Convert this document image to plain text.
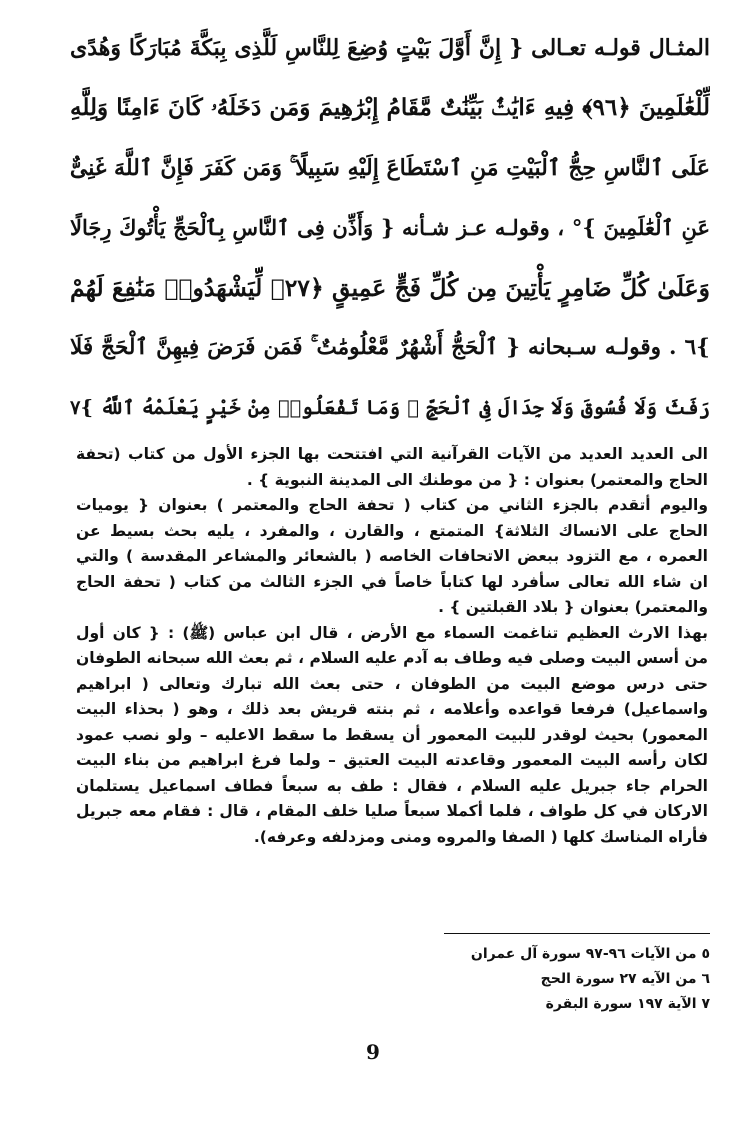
المثـال قولـه تعـالى { إِنَّ أَوَّلَ بَيْتٍ وُضِعَ لِلنَّاسِ لَلَّذِى بِبَكَّةَ مُبَارَكًا وَهُدًى
لِّلْعَٰلَمِينَ ﴿٩٦﴾ فِيهِ ءَايَٰتٌۢ بَيِّنَٰتٌ مَّقَامُ إِبْرَٰهِيمَ وَمَن دَخَلَهُۥ كَانَ ءَامِنًا وَلِلَّهِ
عَلَى ٱلنَّاسِ حِجُّ ٱلْبَيْتِ مَنِ ٱسْتَطَاعَ إِلَيْهِ سَبِيلًا ۚ وَمَن كَفَرَ فَإِنَّ ٱللَّهَ غَنِىٌّ
عَنِ ٱلْعَٰلَمِينَ }° ، وقولـه عـز شـأنه { وَأَذِّن فِى ٱلنَّاسِ بِٱلْحَجِّ يَأْتُوكَ رِجَالًا
وَعَلَىٰ كُلِّ ضَامِرٍ يَأْتِينَ مِن كُلِّ فَجٍّ عَمِيقٍ ﴿٢٧﴾ لِّيَشْهَدُوا۟ مَنَٰفِعَ لَهُمْ
}٦ . وقولـه سـبحانه { ٱلْحَجُّ أَشْهُرٌ مَّعْلُومَٰتٌ ۚ فَمَن فَرَضَ فِيهِنَّ ٱلْحَجَّ فَلَا
رَفَثَ وَلَا فُسُوقَ وَلَا جِدَالَ فِى ٱلْحَجِّ ۗ وَمَا تَفْعَلُوا۟ مِنْ خَيْرٍ يَعْلَمْهُ ٱللَّهُ }٧
الى العديد العديد من الآيات القرآنية التي افتتحت بها الجزء الأول من كتاب (تحفة
الحاج والمعتمر) بعنوان : { من موطنك الى المدينة النبوية } .
واليوم أتقدم بالجزء الثاني من كتاب ( تحفة الحاج والمعتمر ) بعنوان { يوميات
الحاج على الانساك الثلاثة} المتمتع ، والقارن ، والمفرد ، يليه بحث بسيط عن
العمره ، مع التزود ببعض الاتحافات الخاصه ( بالشعائر والمشاعر المقدسة ) والتي
ان شاء الله تعالى سأفرد لها كتاباً خاصاً في الجزء الثالث من كتاب ( تحفة الحاج
والمعتمر) بعنوان { بلاد القبلتين } .
بهذا الارث العظيم تناغمت السماء مع الأرض ، قال ابن عباس (ﷺ) : { كان أول
من أسس البيت وصلى فيه وطاف به آدم عليه السلام ، ثم بعث الله سبحانه الطوفان
حتى درس موضع البيت من الطوفان ، حتى بعث الله تبارك وتعالى ( ابراهيم
واسماعيل) فرفعا قواعده وأعلامه ، ثم بنته قريش بعد ذلك ، وهو ( بحذاء البيت
المعمور) بحيث لوقدر للبيت المعمور أن يسقط ما سقط الاعليه – ولو نصب عمود
لكان رأسه البيت المعمور وقاعدته البيت العتيق – ولما فرغ ابراهيم من بناء البيت
الحرام جاء جبريل عليه السلام ، فقال : طف به سبعاً فطاف اسماعيل يستلمان
الاركان في كل طواف ، فلما أكملا سبعاً صليا خلف المقام ، قال : فقام معه جبريل
فأراه المناسك كلها ( الصفا والمروه ومنى ومزدلفه وعرفه).
٥ من الآيات ٩٦-٩٧ سورة آل عمران
٦ من الآيه ٢٧ سورة الحج
٧ الآية ١٩٧ سورة البقرة
9
